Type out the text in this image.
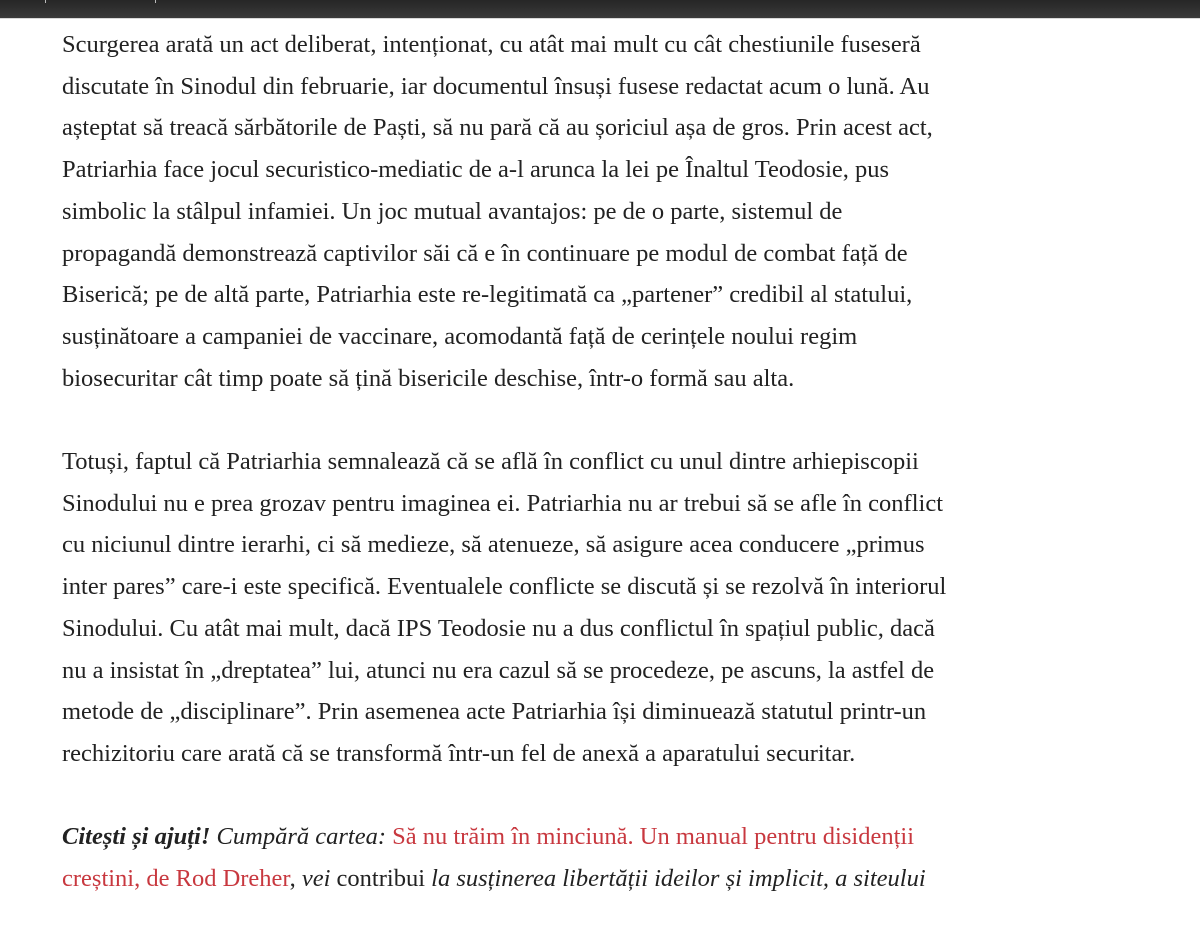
Scurgerea arată un act deliberat, intenționat, cu atât mai mult cu cât chestiunile fuseseră
discutate în Sinodul din februarie, iar documentul însuși fusese redactat acum o lună. Au
așteptat să treacă sărbătorile de Paști, să nu pară că au șoriciul așa de gros. Prin acest act,
Patriarhia face jocul securistico-mediatic de a-l arunca la lei pe Înaltul Teodosie, pus
simbolic la stâlpul infamiei. Un joc mutual avantajos: pe de o parte, sistemul de
propagandă demonstrează captivilor săi că e în continuare pe modul de combat față de
Biserică; pe de altă parte, Patriarhia este re-legitimată ca „partener” credibil al statului,
susținătoare a campaniei de vaccinare, acomodantă față de cerințele noului regim
biosecuritar cât timp poate să țină bisericile deschise, într-o formă sau alta.

Totuși, faptul că Patriarhia semnalează că se află în conflict cu unul dintre arhiepiscopii
Sinodului nu e prea grozav pentru imaginea ei. Patriarhia nu ar trebui să se afle în conflict
cu niciunul dintre ierarhi, ci să medieze, să atenueze, să asigure acea conducere „primus
inter pares” care-i este specifică. Eventualele conflicte se discută și se rezolvă în interiorul
Sinodului. Cu atât mai mult, dacă IPS Teodosie nu a dus conflictul în spațiul public, dacă
nu a insistat în „dreptatea” lui, atunci nu era cazul să se procedeze, pe ascuns, la astfel de
metode de „disciplinare”. Prin asemenea acte Patriarhia își diminuează statutul printr-un
rechizitoriu care arată că se transformă într-un fel de anexă a aparatului securitar.

Citești și ajuți! Cumpără cartea: Să nu trăim în minciună. Un manual pentru disidenții
creștini, de Rod Dreher, vei contribui la susținerea libertății ideilor și implicit, a siteului
